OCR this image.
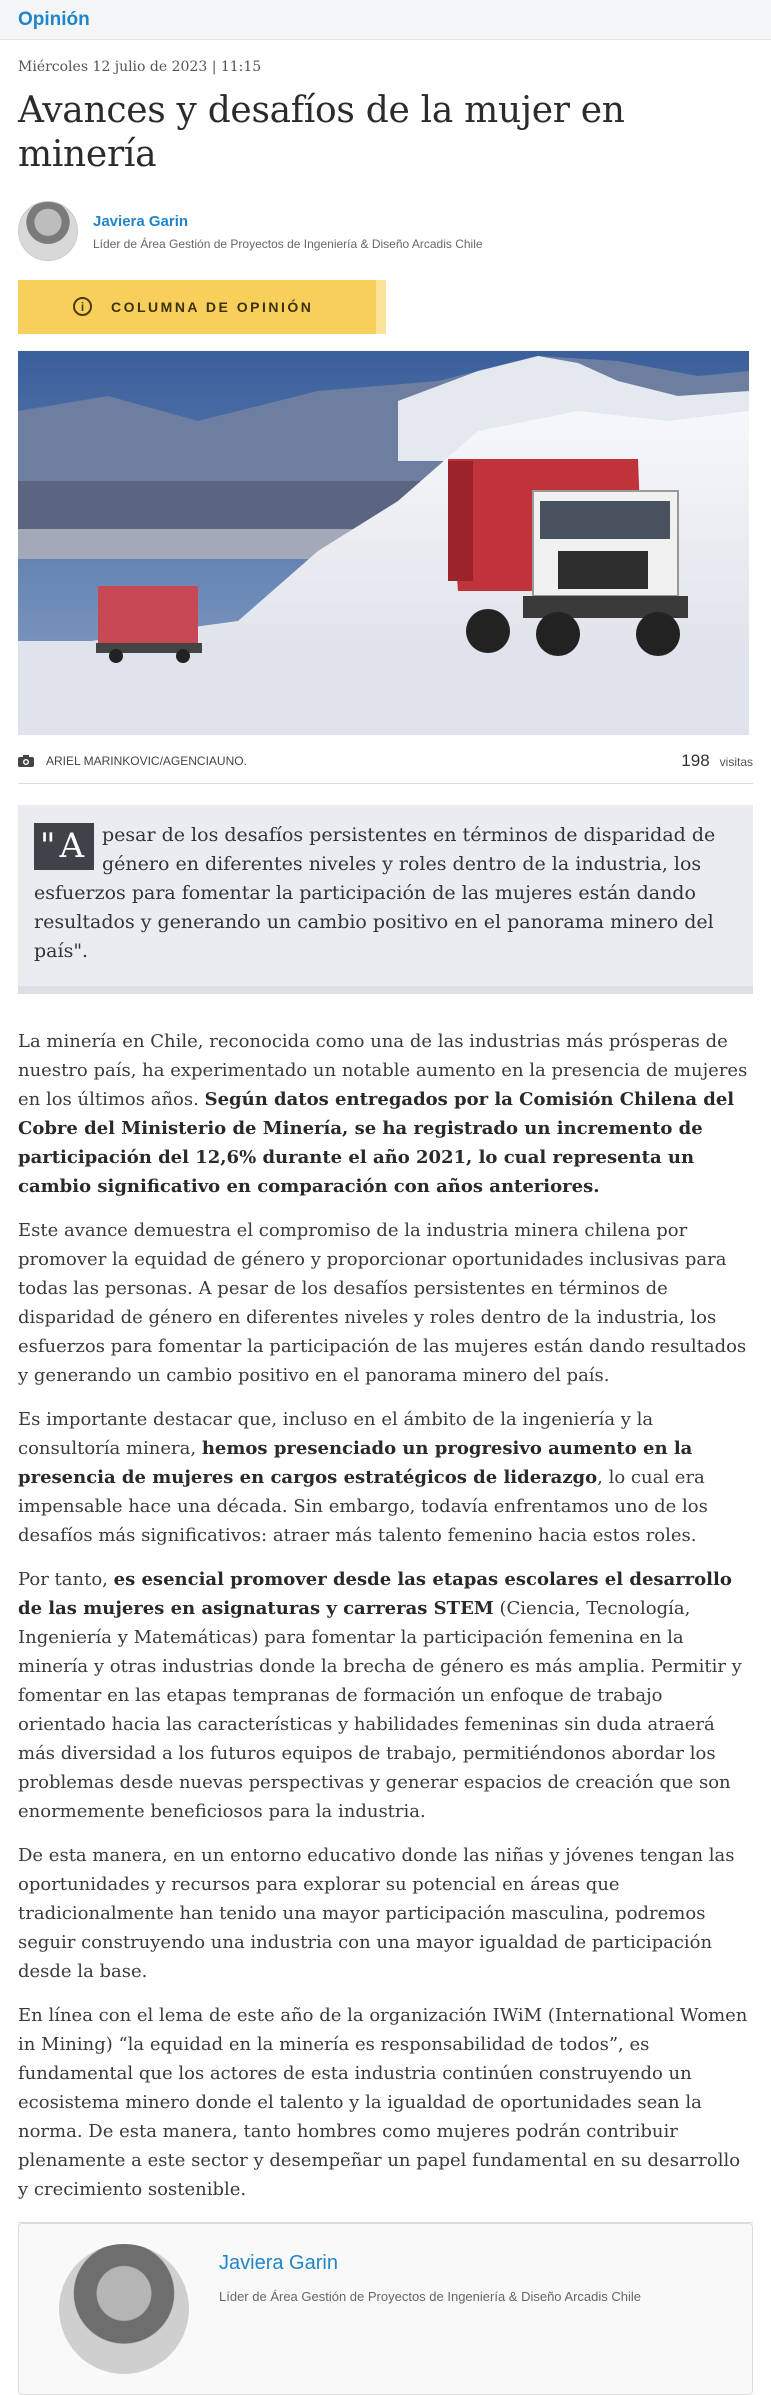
Opinión
Miércoles 12 julio de 2023 | 11:15
Avances y desafíos de la mujer en minería
Javiera Garin
Líder de Área Gestión de Proyectos de Ingeniería & Diseño Arcadis Chile
i	COLUMNA DE OPINIÓN
ARIEL MARINKOVIC/AGENCIAUNO.	198 visitas

"A pesar de los desafíos persistentes en términos de disparidad de género en diferentes niveles y roles dentro de la industria, los esfuerzos para fomentar la participación de las mujeres están dando resultados y generando un cambio positivo en el panorama minero del país".

La minería en Chile, reconocida como una de las industrias más prósperas de nuestro país, ha experimentado un notable aumento en la presencia de mujeres en los últimos años. Según datos entregados por la Comisión Chilena del Cobre del Ministerio de Minería, se ha registrado un incremento de participación del 12,6% durante el año 2021, lo cual representa un cambio significativo en comparación con años anteriores.

Este avance demuestra el compromiso de la industria minera chilena por promover la equidad de género y proporcionar oportunidades inclusivas para todas las personas. A pesar de los desafíos persistentes en términos de disparidad de género en diferentes niveles y roles dentro de la industria, los esfuerzos para fomentar la participación de las mujeres están dando resultados y generando un cambio positivo en el panorama minero del país.

Es importante destacar que, incluso en el ámbito de la ingeniería y la consultoría minera, hemos presenciado un progresivo aumento en la presencia de mujeres en cargos estratégicos de liderazgo, lo cual era impensable hace una década. Sin embargo, todavía enfrentamos uno de los desafíos más significativos: atraer más talento femenino hacia estos roles.

Por tanto, es esencial promover desde las etapas escolares el desarrollo de las mujeres en asignaturas y carreras STEM (Ciencia, Tecnología, Ingeniería y Matemáticas) para fomentar la participación femenina en la minería y otras industrias donde la brecha de género es más amplia. Permitir y fomentar en las etapas tempranas de formación un enfoque de trabajo orientado hacia las características y habilidades femeninas sin duda atraerá más diversidad a los futuros equipos de trabajo, permitiéndonos abordar los problemas desde nuevas perspectivas y generar espacios de creación que son enormemente beneficiosos para la industria.

De esta manera, en un entorno educativo donde las niñas y jóvenes tengan las oportunidades y recursos para explorar su potencial en áreas que tradicionalmente han tenido una mayor participación masculina, podremos seguir construyendo una industria con una mayor igualdad de participación desde la base.

En línea con el lema de este año de la organización IWiM (International Women in Mining) “la equidad en la minería es responsabilidad de todos”, es fundamental que los actores de esta industria continúen construyendo un ecosistema minero donde el talento y la igualdad de oportunidades sean la norma. De esta manera, tanto hombres como mujeres podrán contribuir plenamente a este sector y desempeñar un papel fundamental en su desarrollo y crecimiento sostenible.

Javiera Garin
Líder de Área Gestión de Proyectos de Ingeniería & Diseño Arcadis Chile
